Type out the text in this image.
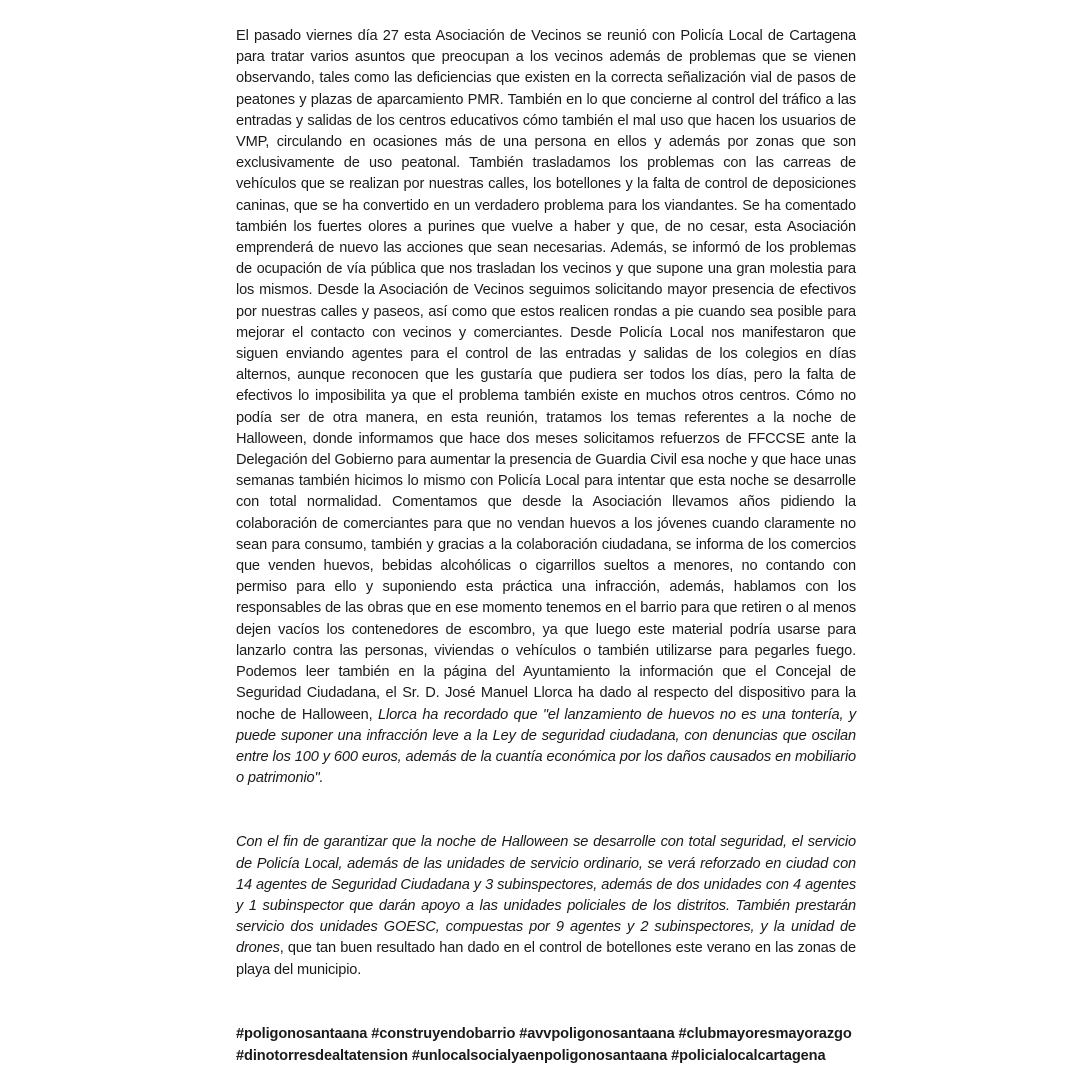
El pasado viernes día 27 esta Asociación de Vecinos se reunió con Policía Local de Cartagena para tratar varios asuntos que preocupan a los vecinos además de problemas que se vienen observando, tales como las deficiencias que existen en la correcta señalización vial de pasos de peatones y plazas de aparcamiento PMR. También en lo que concierne al control del tráfico a las entradas y salidas de los centros educativos cómo también el mal uso que hacen los usuarios de VMP, circulando en ocasiones más de una persona en ellos y además por zonas que son exclusivamente de uso peatonal. También trasladamos los problemas con las carreas de vehículos que se realizan por nuestras calles, los botellones y la falta de control de deposiciones caninas, que se ha convertido en un verdadero problema para los viandantes. Se ha comentado también los fuertes olores a purines que vuelve a haber y que, de no cesar, esta Asociación emprenderá de nuevo las acciones que sean necesarias. Además, se informó de los problemas de ocupación de vía pública que nos trasladan los vecinos y que supone una gran molestia para los mismos. Desde la Asociación de Vecinos seguimos solicitando mayor presencia de efectivos por nuestras calles y paseos, así como que estos realicen rondas a pie cuando sea posible para mejorar el contacto con vecinos y comerciantes. Desde Policía Local nos manifestaron que siguen enviando agentes para el control de las entradas y salidas de los colegios en días alternos, aunque reconocen que les gustaría que pudiera ser todos los días, pero la falta de efectivos lo imposibilita ya que el problema también existe en muchos otros centros. Cómo no podía ser de otra manera, en esta reunión, tratamos los temas referentes a la noche de Halloween, donde informamos que hace dos meses solicitamos refuerzos de FFCCSE ante la Delegación del Gobierno para aumentar la presencia de Guardia Civil esa noche y que hace unas semanas también hicimos lo mismo con Policía Local para intentar que esta noche se desarrolle con total normalidad. Comentamos que desde la Asociación llevamos años pidiendo la colaboración de comerciantes para que no vendan huevos a los jóvenes cuando claramente no sean para consumo, también y gracias a la colaboración ciudadana, se informa de los comercios que venden huevos, bebidas alcohólicas o cigarrillos sueltos a menores, no contando con permiso para ello y suponiendo esta práctica una infracción, además, hablamos con los responsables de las obras que en ese momento tenemos en el barrio para que retiren o al menos dejen vacíos los contenedores de escombro, ya que luego este material podría usarse para lanzarlo contra las personas, viviendas o vehículos o también utilizarse para pegarles fuego. Podemos leer también en la página del Ayuntamiento la información que el Concejal de Seguridad Ciudadana, el Sr. D. José Manuel Llorca ha dado al respecto del dispositivo para la noche de Halloween, Llorca ha recordado que "el lanzamiento de huevos no es una tontería, y puede suponer una infracción leve a la Ley de seguridad ciudadana, con denuncias que oscilan entre los 100 y 600 euros, además de la cuantía económica por los daños causados en mobiliario o patrimonio".

Con el fin de garantizar que la noche de Halloween se desarrolle con total seguridad, el servicio de Policía Local, además de las unidades de servicio ordinario, se verá reforzado en ciudad con 14 agentes de Seguridad Ciudadana y 3 subinspectores, además de dos unidades con 4 agentes y 1 subinspector que darán apoyo a las unidades policiales de los distritos. También prestarán servicio dos unidades GOESC, compuestas por 9 agentes y 2 subinspectores, y la unidad de drones, que tan buen resultado han dado en el control de botellones este verano en las zonas de playa del municipio.

#poligonosantaana #construyendobarrio #avvpoligonosantaana #clubmayoresmayorazgo
#dinotorresdealtatension #unlocalsocialyaenpoligonosantaana #policialocalcartagena
